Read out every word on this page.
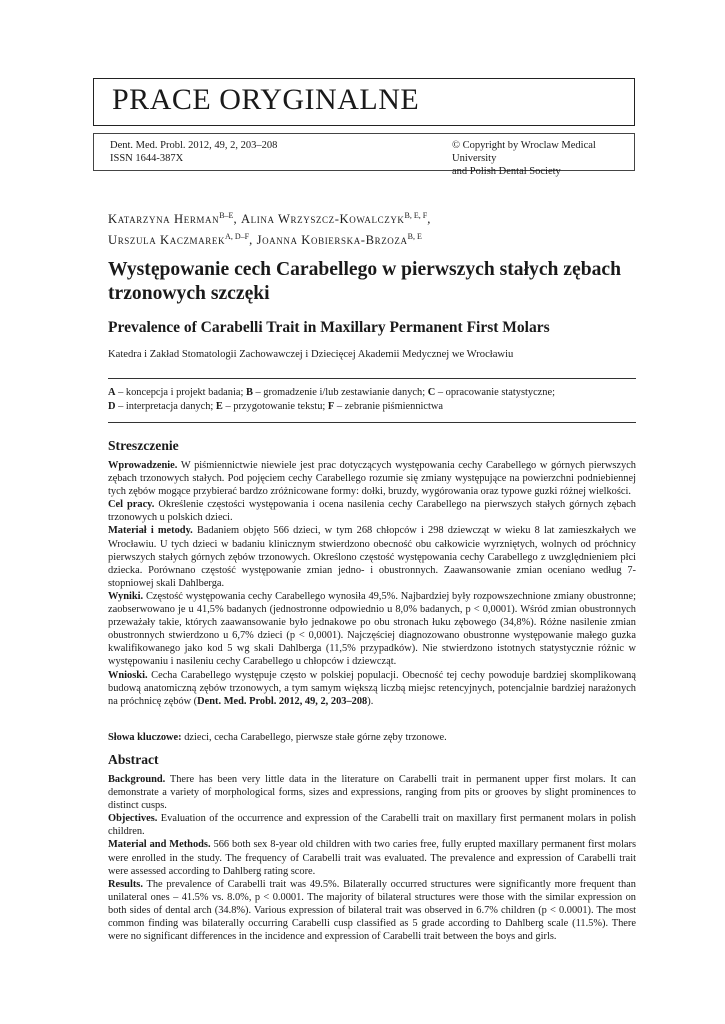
PRACE ORYGINALNE
Dent. Med. Probl. 2012, 49, 2, 203–208
ISSN 1644-387X
© Copyright by Wroclaw Medical University
and Polish Dental Society
Katarzyna Herman$^{B-E}$, Alina Wrzyszcz-Kowalczyk$^{B, E, F}$,
Urszula Kaczmarek$^{A, D-F}$, Joanna Kobierska-Brzoza$^{B, E}$
Występowanie cech Carabellego w pierwszych stałych zębach trzonowych szczęki
Prevalence of Carabelli Trait in Maxillary Permanent First Molars
Katedra i Zakład Stomatologii Zachowawczej i Dziecięcej Akademii Medycznej we Wrocławiu
A – koncepcja i projekt badania; B – gromadzenie i/lub zestawianie danych; C – opracowanie statystyczne;
D – interpretacja danych; E – przygotowanie tekstu; F – zebranie piśmiennictwa
Streszczenie

Wprowadzenie. W piśmiennictwie niewiele jest prac dotyczących występowania cechy Carabellego w górnych pierwszych zębach trzonowych stałych. Pod pojęciem cechy Carabellego rozumie się zmiany występujące na powierzchni podniebiennej tych zębów mogące przybierać bardzo zróżnicowane formy: dołki, bruzdy, wygórowania oraz typowe guzki różnej wielkości.

Cel pracy. Określenie częstości występowania i ocena nasilenia cechy Carabellego na pierwszych stałych górnych zębach trzonowych u polskich dzieci.

Materiał i metody. Badaniem objęto 566 dzieci, w tym 268 chłopców i 298 dziewcząt w wieku 8 lat zamieszkałych we Wrocławiu. U tych dzieci w badaniu klinicznym stwierdzono obecność obu całkowicie wyrzniętych, wolnych od próchnicy pierwszych stałych górnych zębów trzonowych. Określono częstość występowania cechy Carabellego z uwzględnieniem płci dziecka. Porównano częstość występowanie zmian jedno- i obustronnych. Zaawansowanie zmian oceniano według 7-stopniowej skali Dahlberga.

Wyniki. Częstość występowania cechy Carabellego wynosiła 49,5%. Najbardziej były rozpowszechnione zmiany obustronne; zaobserwowano je u 41,5% badanych (jednostronne odpowiednio u 8,0% badanych, p < 0,0001). Wśród zmian obustronnych przeważały takie, których zaawansowanie było jednakowe po obu stronach łuku zębowego (34,8%). Różne nasilenie zmian obustronnych stwierdzono u 6,7% dzieci (p < 0,0001). Najczęściej diagnozowano obustronne występowanie małego guzka kwalifikowanego jako kod 5 wg skali Dahlberga (11,5% przypadków). Nie stwierdzono istotnych statystycznie różnic w występowaniu i nasileniu cechy Carabellego u chłopców i dziewcząt.

Wnioski. Cecha Carabellego występuje często w polskiej populacji. Obecność tej cechy powoduje bardziej skomplikowaną budową anatomiczną zębów trzonowych, a tym samym większą liczbą miejsc retencyjnych, potencjalnie bardziej narażonych na próchnicę zębów (Dent. Med. Probl. 2012, 49, 2, 203–208).

Słowa kluczowe: dzieci, cecha Carabellego, pierwsze stałe górne zęby trzonowe.
Abstract

Background. There has been very little data in the literature on Carabelli trait in permanent upper first molars. It can demonstrate a variety of morphological forms, sizes and expressions, ranging from pits or grooves by slight prominences to distinct cusps.

Objectives. Evaluation of the occurrence and expression of the Carabelli trait on maxillary first permanent molars in polish children.

Material and Methods. 566 both sex 8-year old children with two caries free, fully erupted maxillary permanent first molars were enrolled in the study. The frequency of Carabelli trait was evaluated. The prevalence and expression of Carabelli trait were assessed according to Dahlberg rating score.

Results. The prevalence of Carabelli trait was 49.5%. Bilaterally occurred structures were significantly more frequent than unilateral ones – 41.5% vs. 8.0%, p < 0.0001. The majority of bilateral structures were those with the similar expression on both sides of dental arch (34.8%). Various expression of bilateral trait was observed in 6.7% children (p < 0.0001). The most common finding was bilaterally occurring Carabelli cusp classified as 5 grade according to Dahlberg scale (11.5%). There were no significant differences in the incidence and expression of Carabelli trait between the boys and girls.
